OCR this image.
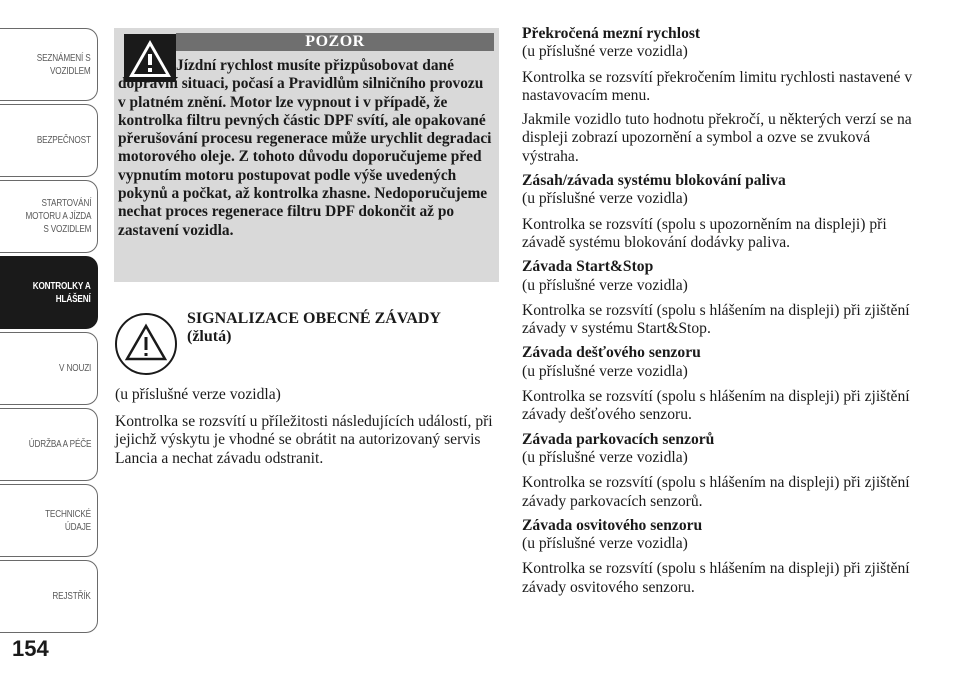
SEZNÁMENÍ S
VOZIDLEM
BEZPEČNOST
STARTOVÁNÍ
MOTORU A JÍZDA
S VOZIDLEM
KONTROLKY A
HLÁŠENÍ
V NOUZI
ÚDRŽBA A PÉČE
TECHNICKÉ
ÚDAJE
REJSTŘÍK
154
POZOR
Jízdní rychlost musíte přizpůsobovat dané dopravní situaci, počasí a Pravidlům silničního provozu v platném znění. Motor lze vypnout i v případě, že kontrolka filtru pevných částic DPF svítí, ale opakované přerušování procesu regenerace může urychlit degradaci motorového oleje. Z tohoto důvodu doporučujeme před vypnutím motoru postupovat podle výše uvedených pokynů a počkat, až kontrolka zhasne. Nedoporučujeme nechat proces regenerace filtru DPF dokončit až po zastavení vozidla.
SIGNALIZACE OBECNÉ ZÁVADY
(žlutá)
(u příslušné verze vozidla)
Kontrolka se rozsvítí u příležitosti následujících událostí, při jejichž výskytu je vhodné se obrátit na autorizovaný servis Lancia a nechat závadu odstranit.
Překročená mezní rychlost
(u příslušné verze vozidla)
Kontrolka se rozsvítí překročením limitu rychlosti nastavené v nastavovacím menu.
Jakmile vozidlo tuto hodnotu překročí, u některých verzí se na displeji zobrazí upozornění a symbol a ozve se zvuková výstraha.
Zásah/závada systému blokování paliva
(u příslušné verze vozidla)
Kontrolka se rozsvítí (spolu s upozorněním na displeji) při závadě systému blokování dodávky paliva.
Závada Start&Stop
(u příslušné verze vozidla)
Kontrolka se rozsvítí (spolu s hlášením na displeji) při zjištění závady v systému Start&Stop.
Závada dešťového senzoru
(u příslušné verze vozidla)
Kontrolka se rozsvítí (spolu s hlášením na displeji) při zjištění závady dešťového senzoru.
Závada parkovacích senzorů
(u příslušné verze vozidla)
Kontrolka se rozsvítí (spolu s hlášením na displeji) při zjištění závady parkovacích senzorů.
Závada osvitového senzoru
(u příslušné verze vozidla)
Kontrolka se rozsvítí (spolu s hlášením na displeji) při zjištění závady osvitového senzoru.
